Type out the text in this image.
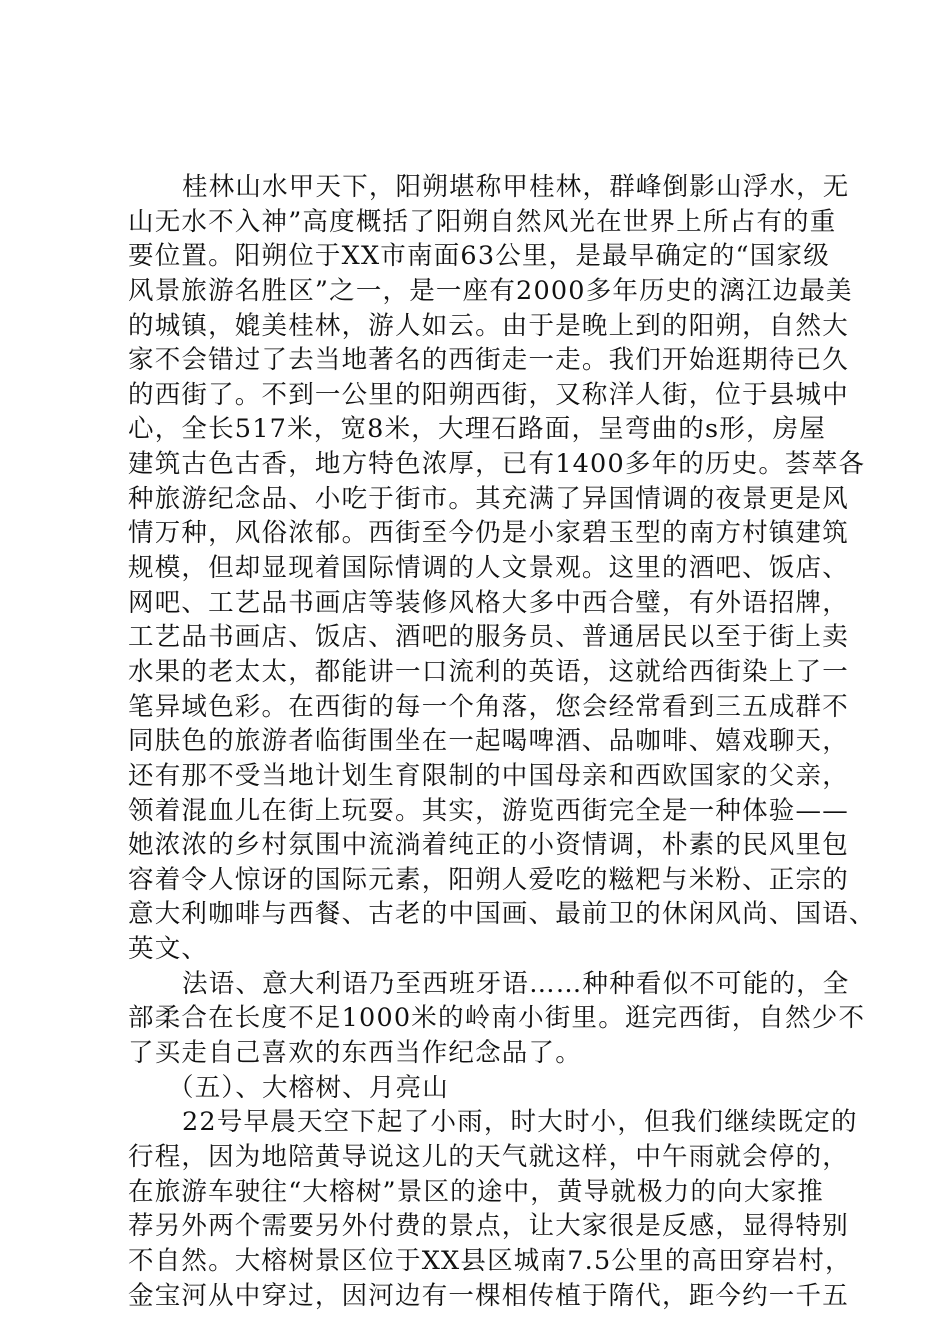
桂林山水甲天下，阳朔堪称甲桂林，群峰倒影山浮水，无
山无水不入神”高度概括了阳朔自然风光在世界上所占有的重
要位置。阳朔位于XX市南面63公里，是最早确定的“国家级
风景旅游名胜区”之一，是一座有2000多年历史的漓江边最美
的城镇，媲美桂林，游人如云。由于是晚上到的阳朔，自然大
家不会错过了去当地著名的西街走一走。我们开始逛期待已久
的西街了。不到一公里的阳朔西街，又称洋人街，位于县城中
心，全长517米，宽8米，大理石路面，呈弯曲的s形，房屋
建筑古色古香，地方特色浓厚，已有1400多年的历史。荟萃各
种旅游纪念品、小吃于街市。其充满了异国情调的夜景更是风
情万种，风俗浓郁。西街至今仍是小家碧玉型的南方村镇建筑
规模，但却显现着国际情调的人文景观。这里的酒吧、饭店、
网吧、工艺品书画店等装修风格大多中西合璧，有外语招牌，
工艺品书画店、饭店、酒吧的服务员、普通居民以至于街上卖
水果的老太太，都能讲一口流利的英语，这就给西街染上了一
笔异域色彩。在西街的每一个角落，您会经常看到三五成群不
同肤色的旅游者临街围坐在一起喝啤酒、品咖啡、嬉戏聊天，
还有那不受当地计划生育限制的中国母亲和西欧国家的父亲，
领着混血儿在街上玩耍。其实，游览西街完全是一种体验——
她浓浓的乡村氛围中流淌着纯正的小资情调，朴素的民风里包
容着令人惊讶的国际元素，阳朔人爱吃的糍粑与米粉、正宗的
意大利咖啡与西餐、古老的中国画、最前卫的休闲风尚、国语、
英文、
法语、意大利语乃至西班牙语……种种看似不可能的，全
部柔合在长度不足1000米的岭南小街里。逛完西街，自然少不
了买走自己喜欢的东西当作纪念品了。
（五）、大榕树、月亮山
22号早晨天空下起了小雨，时大时小，但我们继续既定的
行程，因为地陪黄导说这儿的天气就这样，中午雨就会停的，
在旅游车驶往“大榕树”景区的途中，黄导就极力的向大家推
荐另外两个需要另外付费的景点，让大家很是反感，显得特别
不自然。大榕树景区位于XX县区城南7.5公里的高田穿岩村，
金宝河从中穿过，因河边有一棵相传植于隋代，距今约一千五
